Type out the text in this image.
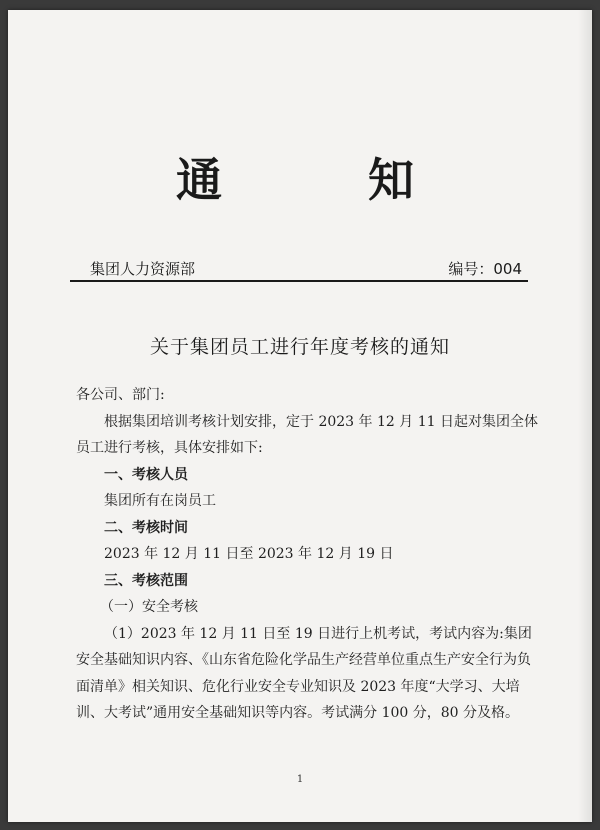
通	知
集团人力资源部	编号：004
关于集团员工进行年度考核的通知

各公司、部门:

根据集团培训考核计划安排，定于 2023 年 12 月 11 日起对集团全体员工进行考核，具体安排如下:

一、考核人员

集团所有在岗员工

二、考核时间

2023 年 12 月 11 日至 2023 年 12 月 19 日

三、考核范围

（一）安全考核

（1）2023 年 12 月 11 日至 19 日进行上机考试，考试内容为:集团安全基础知识内容、《山东省危险化学品生产经营单位重点生产安全行为负面清单》相关知识、危化行业安全专业知识及 2023 年度“大学习、大培训、大考试”通用安全基础知识等内容。考试满分 100 分，80 分及格。

1
